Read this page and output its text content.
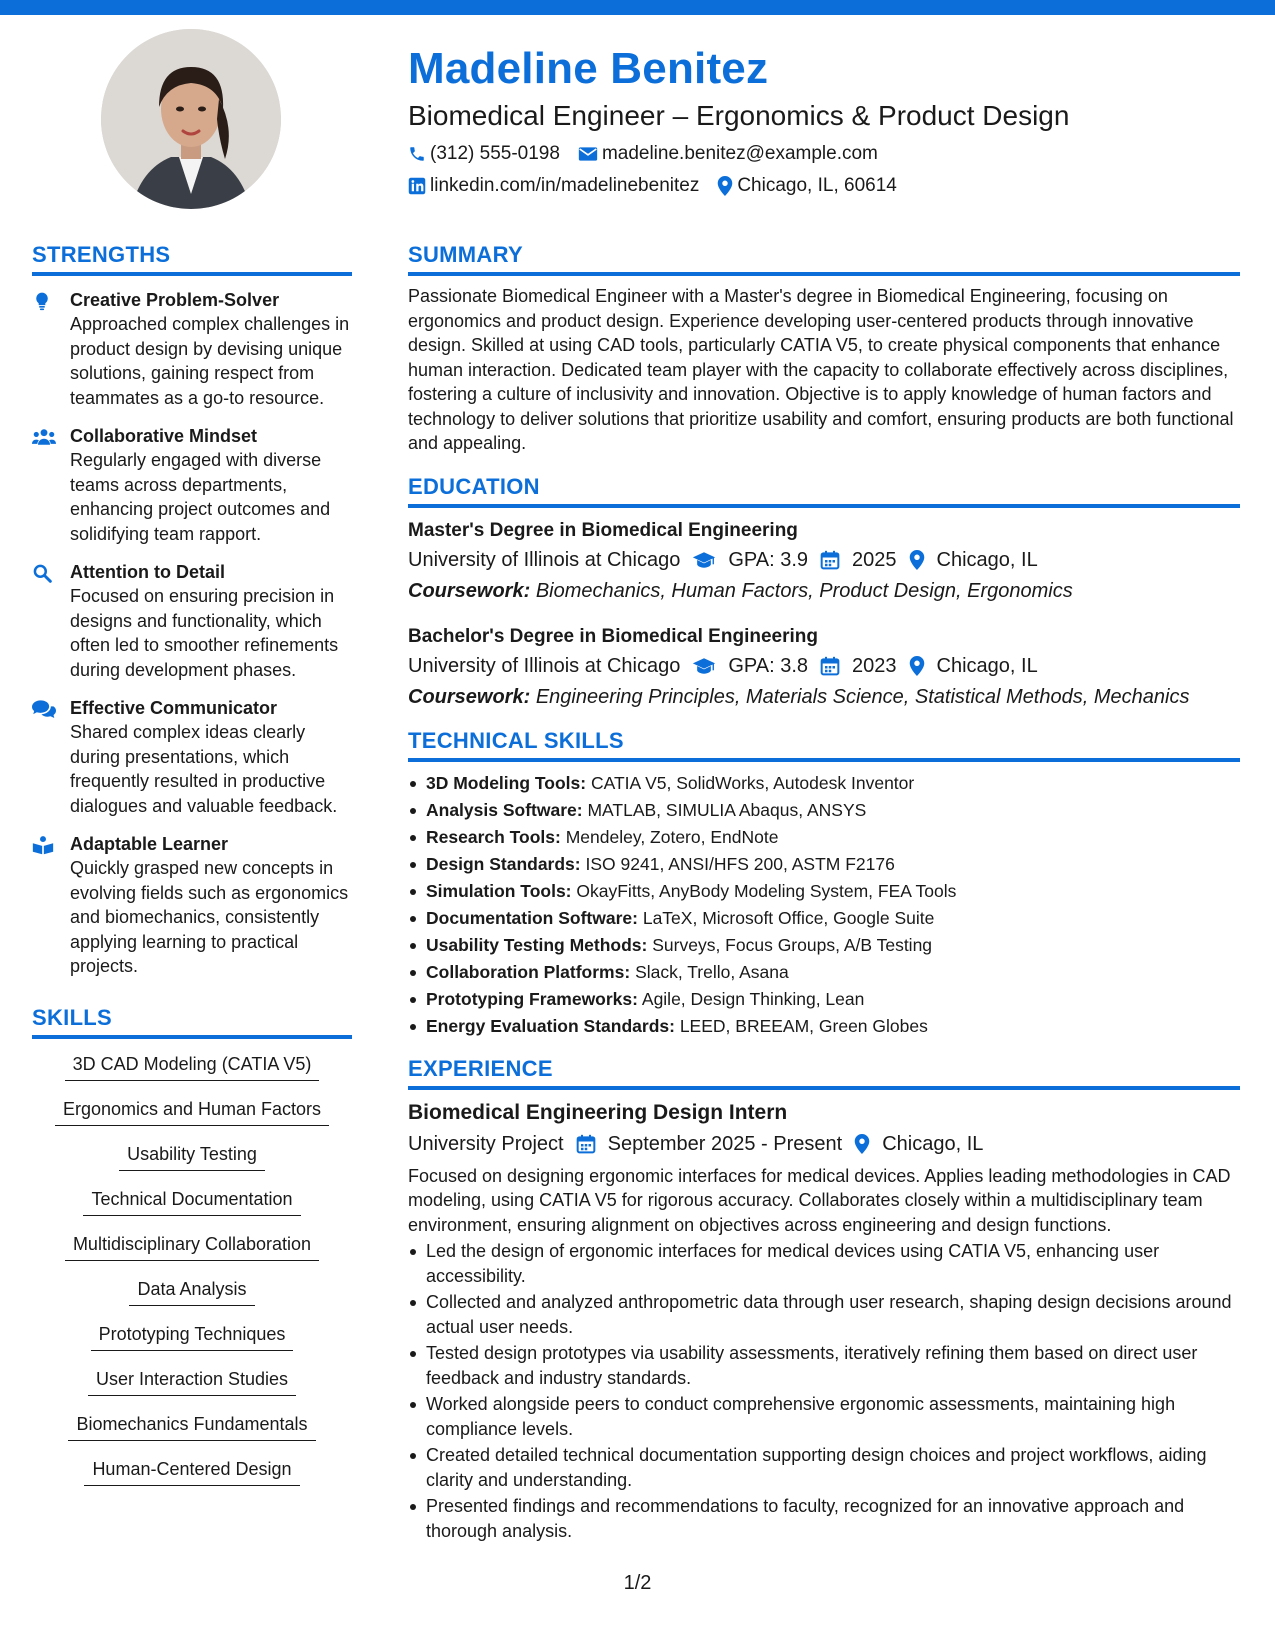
Madeline Benitez
Biomedical Engineer – Ergonomics & Product Design
(312) 555-0198 madeline.benitez@example.com
linkedin.com/in/madelinebenitez Chicago, IL, 60614
STRENGTHS
Creative Problem-Solver
Approached complex challenges in product design by devising unique solutions, gaining respect from teammates as a go-to resource.
Collaborative Mindset
Regularly engaged with diverse teams across departments, enhancing project outcomes and solidifying team rapport.
Attention to Detail
Focused on ensuring precision in designs and functionality, which often led to smoother refinements during development phases.
Effective Communicator
Shared complex ideas clearly during presentations, which frequently resulted in productive dialogues and valuable feedback.
Adaptable Learner
Quickly grasped new concepts in evolving fields such as ergonomics and biomechanics, consistently applying learning to practical projects.
SKILLS
3D CAD Modeling (CATIA V5)
Ergonomics and Human Factors
Usability Testing
Technical Documentation
Multidisciplinary Collaboration
Data Analysis
Prototyping Techniques
User Interaction Studies
Biomechanics Fundamentals
Human-Centered Design
SUMMARY
Passionate Biomedical Engineer with a Master's degree in Biomedical Engineering, focusing on ergonomics and product design. Experience developing user-centered products through innovative design. Skilled at using CAD tools, particularly CATIA V5, to create physical components that enhance human interaction. Dedicated team player with the capacity to collaborate effectively across disciplines, fostering a culture of inclusivity and innovation. Objective is to apply knowledge of human factors and technology to deliver solutions that prioritize usability and comfort, ensuring products are both functional and appealing.
EDUCATION
Master's Degree in Biomedical Engineering
University of Illinois at Chicago GPA: 3.9 2025 Chicago, IL
Coursework: Biomechanics, Human Factors, Product Design, Ergonomics
Bachelor's Degree in Biomedical Engineering
University of Illinois at Chicago GPA: 3.8 2023 Chicago, IL
Coursework: Engineering Principles, Materials Science, Statistical Methods, Mechanics
TECHNICAL SKILLS
3D Modeling Tools: CATIA V5, SolidWorks, Autodesk Inventor
Analysis Software: MATLAB, SIMULIA Abaqus, ANSYS
Research Tools: Mendeley, Zotero, EndNote
Design Standards: ISO 9241, ANSI/HFS 200, ASTM F2176
Simulation Tools: OkayFitts, AnyBody Modeling System, FEA Tools
Documentation Software: LaTeX, Microsoft Office, Google Suite
Usability Testing Methods: Surveys, Focus Groups, A/B Testing
Collaboration Platforms: Slack, Trello, Asana
Prototyping Frameworks: Agile, Design Thinking, Lean
Energy Evaluation Standards: LEED, BREEAM, Green Globes
EXPERIENCE
Biomedical Engineering Design Intern
University Project September 2025 - Present Chicago, IL
Focused on designing ergonomic interfaces for medical devices. Applies leading methodologies in CAD modeling, using CATIA V5 for rigorous accuracy. Collaborates closely within a multidisciplinary team environment, ensuring alignment on objectives across engineering and design functions.
Led the design of ergonomic interfaces for medical devices using CATIA V5, enhancing user accessibility.
Collected and analyzed anthropometric data through user research, shaping design decisions around actual user needs.
Tested design prototypes via usability assessments, iteratively refining them based on direct user feedback and industry standards.
Worked alongside peers to conduct comprehensive ergonomic assessments, maintaining high compliance levels.
Created detailed technical documentation supporting design choices and project workflows, aiding clarity and understanding.
Presented findings and recommendations to faculty, recognized for an innovative approach and thorough analysis.
1/2
